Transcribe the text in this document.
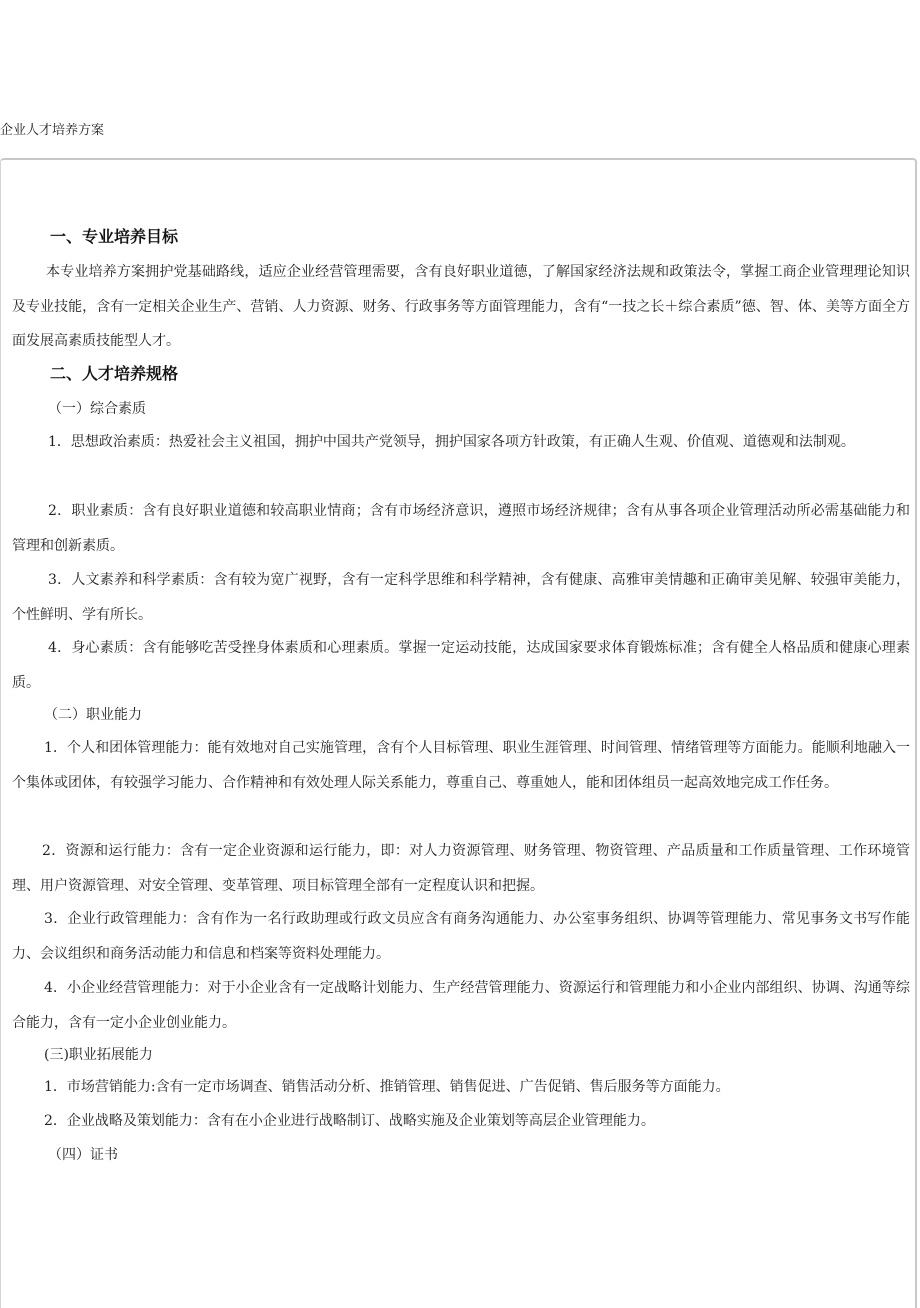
企业人才培养方案
一、专业培养目标
本专业培养方案拥护党基础路线，适应企业经营管理需要，含有良好职业道德，了解国家经济法规和政策法令，掌握工商企业管理理论知识及专业技能，含有一定相关企业生产、营销、人力资源、财务、行政事务等方面管理能力，含有“一技之长＋综合素质”德、智、体、美等方面全方面发展高素质技能型人才。
二、人才培养规格
（一）综合素质
1．思想政治素质：热爱社会主义祖国，拥护中国共产党领导，拥护国家各项方针政策，有正确人生观、价值观、道德观和法制观。
2．职业素质：含有良好职业道德和较高职业情商；含有市场经济意识，遵照市场经济规律；含有从事各项企业管理活动所必需基础能力和管理和创新素质。
3．人文素养和科学素质：含有较为宽广视野，含有一定科学思维和科学精神，含有健康、高雅审美情趣和正确审美见解、较强审美能力，个性鲜明、学有所长。
4．身心素质：含有能够吃苦受挫身体素质和心理素质。掌握一定运动技能，达成国家要求体育锻炼标准；含有健全人格品质和健康心理素质。
（二）职业能力
1．个人和团体管理能力：能有效地对自己实施管理，含有个人目标管理、职业生涯管理、时间管理、情绪管理等方面能力。能顺利地融入一个集体或团体，有较强学习能力、合作精神和有效处理人际关系能力，尊重自己、尊重她人，能和团体组员一起高效地完成工作任务。
2．资源和运行能力：含有一定企业资源和运行能力，即：对人力资源管理、财务管理、物资管理、产品质量和工作质量管理、工作环境管理、用户资源管理、对安全管理、变革管理、项目标管理全部有一定程度认识和把握。
3．企业行政管理能力：含有作为一名行政助理或行政文员应含有商务沟通能力、办公室事务组织、协调等管理能力、常见事务文书写作能力、会议组织和商务活动能力和信息和档案等资料处理能力。
4．小企业经营管理能力：对于小企业含有一定战略计划能力、生产经营管理能力、资源运行和管理能力和小企业内部组织、协调、沟通等综合能力，含有一定小企业创业能力。
(三)职业拓展能力
1．市场营销能力:含有一定市场调查、销售活动分析、推销管理、销售促进、广告促销、售后服务等方面能力。
2．企业战略及策划能力：含有在小企业进行战略制订、战略实施及企业策划等高层企业管理能力。
（四）证书
